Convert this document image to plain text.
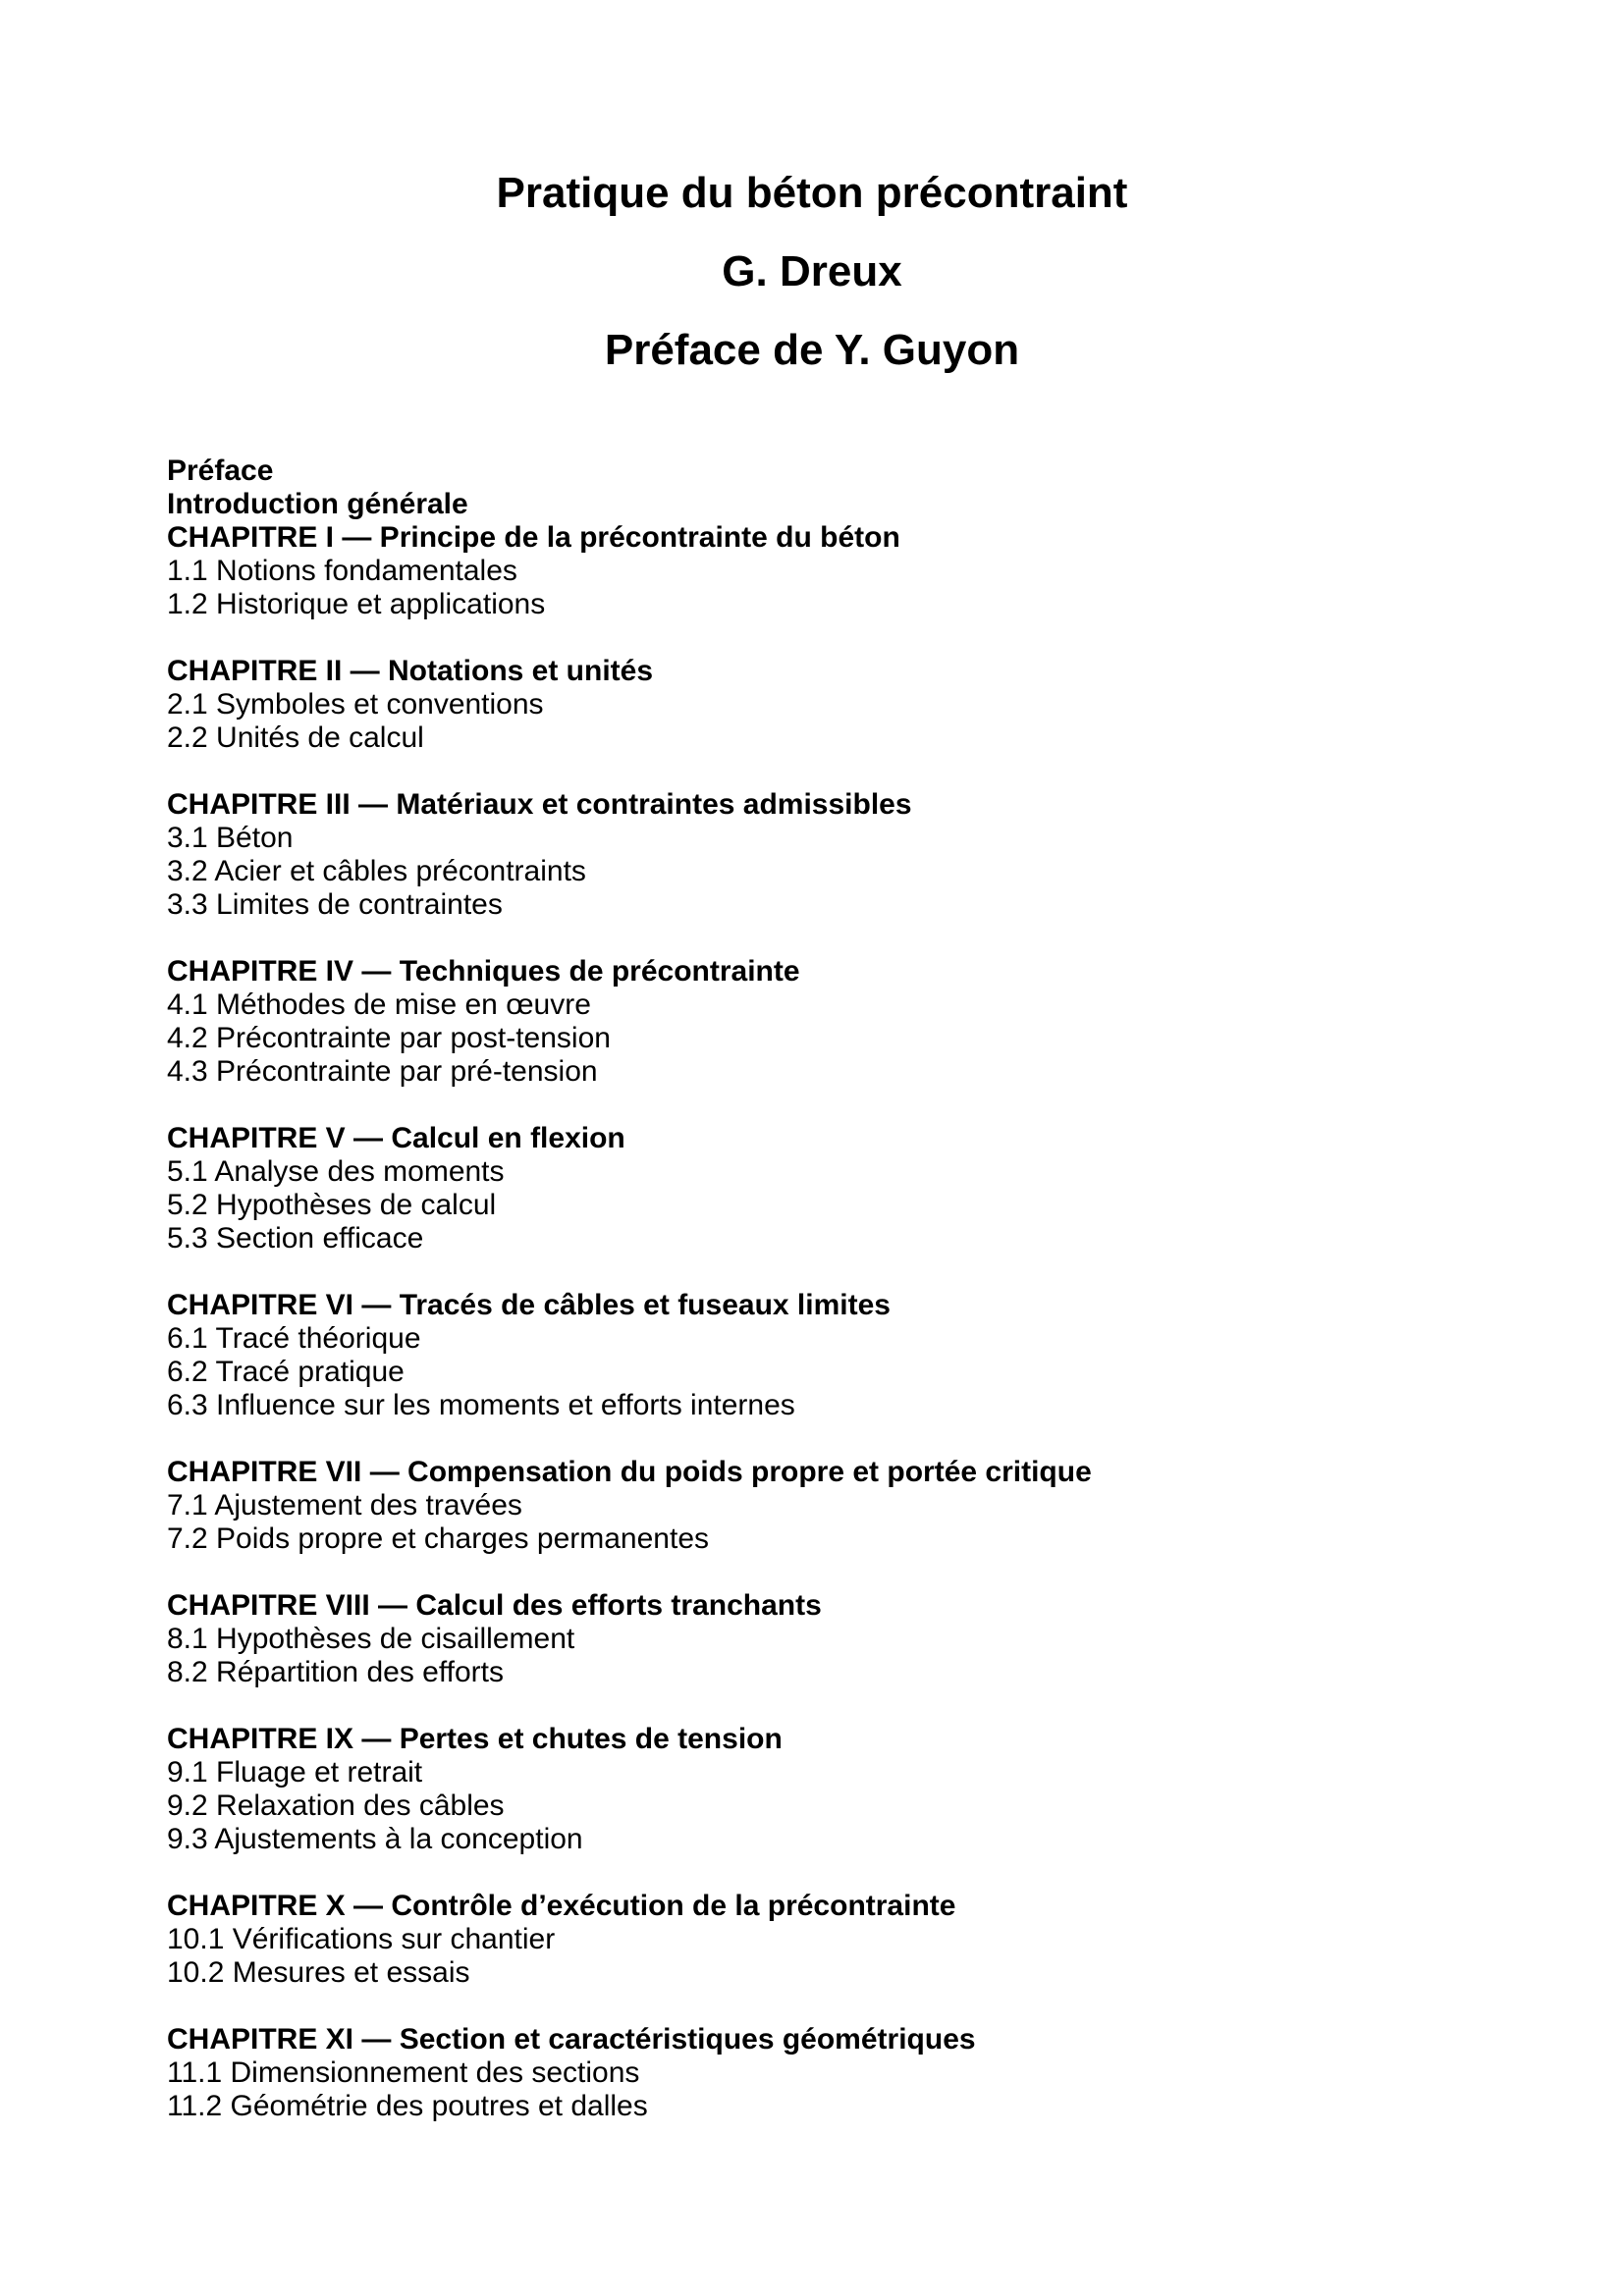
Pratique du béton précontraint
G. Dreux
Préface de Y. Guyon
Préface
Introduction générale
CHAPITRE I — Principe de la précontrainte du béton
1.1 Notions fondamentales
1.2 Historique et applications
CHAPITRE II — Notations et unités
2.1 Symboles et conventions
2.2 Unités de calcul
CHAPITRE III — Matériaux et contraintes admissibles
3.1 Béton
3.2 Acier et câbles précontraints
3.3 Limites de contraintes
CHAPITRE IV — Techniques de précontrainte
4.1 Méthodes de mise en œuvre
4.2 Précontrainte par post-tension
4.3 Précontrainte par pré-tension
CHAPITRE V — Calcul en flexion
5.1 Analyse des moments
5.2 Hypothèses de calcul
5.3 Section efficace
CHAPITRE VI — Tracés de câbles et fuseaux limites
6.1 Tracé théorique
6.2 Tracé pratique
6.3 Influence sur les moments et efforts internes
CHAPITRE VII — Compensation du poids propre et portée critique
7.1 Ajustement des travées
7.2 Poids propre et charges permanentes
CHAPITRE VIII — Calcul des efforts tranchants
8.1 Hypothèses de cisaillement
8.2 Répartition des efforts
CHAPITRE IX — Pertes et chutes de tension
9.1 Fluage et retrait
9.2 Relaxation des câbles
9.3 Ajustements à la conception
CHAPITRE X — Contrôle d’exécution de la précontrainte
10.1 Vérifications sur chantier
10.2 Mesures et essais
CHAPITRE XI — Section et caractéristiques géométriques
11.1 Dimensionnement des sections
11.2 Géométrie des poutres et dalles
